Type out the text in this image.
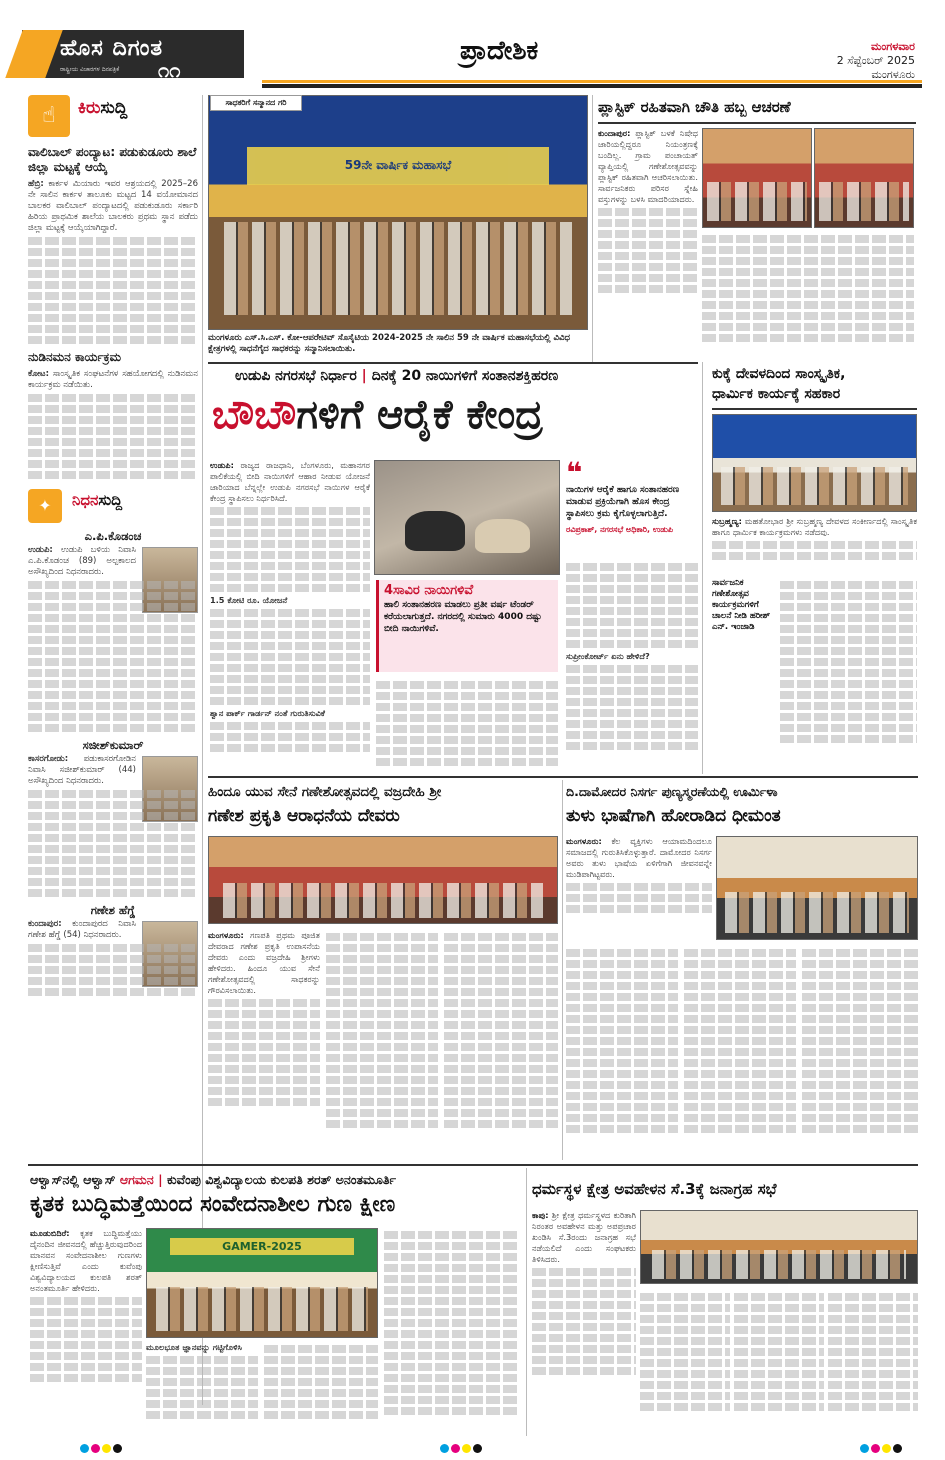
ಹೊಸ ದಿಗಂತ
ರಾಷ್ಟ್ರೀಯ ವಿಚಾರಗಳ ದಿನಪತ್ರಿಕೆ ೧೧
ಪ್ರಾದೇಶಿಕ	ಮಂಗಳವಾರ
2 ಸೆಪ್ಟೆಂಬರ್ 2025
ಮಂಗಳೂರು
☝	ಕಿರುಸುದ್ದಿ
ವಾಲಿಬಾಲ್ ಪಂದ್ಯಾಟ: ಪಡುಕುಡೂರು ಶಾಲೆ ಜಿಲ್ಲಾ ಮಟ್ಟಕ್ಕೆ ಆಯ್ಕೆ
ಹೆಬ್ರಿ: ಕಾರ್ಕಳ ಮಿಯಾರು ಇವರ ಆಶ್ರಯದಲ್ಲಿ 2025–26 ನೇ ಸಾಲಿನ ಕಾರ್ಕಳ ತಾಲೂಕು ಮಟ್ಟದ 14 ವಯೋಮಾನದ ಬಾಲಕರ ವಾಲಿಬಾಲ್ ಪಂದ್ಯಾಟದಲ್ಲಿ ಪಡುಕುಡೂರು ಸರ್ಕಾರಿ ಹಿರಿಯ ಪ್ರಾಥಮಿಕ ಶಾಲೆಯ ಬಾಲಕರು ಪ್ರಥಮ ಸ್ಥಾನ ಪಡೆದು ಜಿಲ್ಲಾ ಮಟ್ಟಕ್ಕೆ ಆಯ್ಕೆಯಾಗಿದ್ದಾರೆ.
ನುಡಿನಮನ ಕಾರ್ಯಕ್ರಮ
ಕೋಟ: ಸಾಂಸ್ಕೃತಿಕ ಸಂಘಟನೆಗಳ ಸಹಯೋಗದಲ್ಲಿ ನುಡಿನಮನ ಕಾರ್ಯಕ್ರಮ ನಡೆಯಿತು.
✦	ನಿಧನಸುದ್ದಿ
ಎ.ಪಿ.ಕೊಡಂಚ
ಉಡುಪಿ: ಉಡುಪಿ ಬಳಿಯ ನಿವಾಸಿ ಎ.ಪಿ.ಕೊಡಂಚ (89) ಅಲ್ಪಕಾಲದ ಅಸೌಖ್ಯದಿಂದ ನಿಧನರಾದರು.
ಸಜೀಶ್‌ಕುಮಾರ್
ಕಾಸರಗೋಡು: ಪಡುಕಾಸರಗೋಡಿನ ನಿವಾಸಿ ಸಜೀಶ್‌ಕುಮಾರ್ (44) ಅಸೌಖ್ಯದಿಂದ ನಿಧನರಾದರು.
ಗಣೇಶ ಹೆಗ್ಡೆ
ಕುಂದಾಪುರ: ಕುಂದಾಪುರದ ನಿವಾಸಿ ಗಣೇಶ ಹೆಗ್ಡೆ (54) ನಿಧನರಾದರು.
59ನೇ ವಾರ್ಷಿಕ ಮಹಾಸಭೆ
ಸಾಧಕರಿಗೆ ಸನ್ಮಾನದ ಗರಿ
ಮಂಗಳೂರು ಎಸ್.ಸಿ.ಎಸ್. ಕೋ-ಆಪರೇಟಿವ್ ಸೊಸೈಟಿಯ 2024-2025 ನೇ ಸಾಲಿನ 59 ನೇ ವಾರ್ಷಿಕ ಮಹಾಸಭೆಯಲ್ಲಿ ವಿವಿಧ ಕ್ಷೇತ್ರಗಳಲ್ಲಿ ಸಾಧನೆಗೈದ ಸಾಧಕರನ್ನು ಸನ್ಮಾನಿಸಲಾಯಿತು.
ಪ್ಲಾಸ್ಟಿಕ್ ರಹಿತವಾಗಿ ಚೌತಿ ಹಬ್ಬ ಆಚರಣೆ
ಕುಂದಾಪುರ: ಪ್ಲಾಸ್ಟಿಕ್ ಬಳಕೆ ನಿಷೇಧ ಜಾರಿಯಲ್ಲಿದ್ದರೂ ನಿಯಂತ್ರಣಕ್ಕೆ ಬಂದಿಲ್ಲ. ಗ್ರಾಮ ಪಂಚಾಯತ್ ವ್ಯಾಪ್ತಿಯಲ್ಲಿ ಗಣೇಶೋತ್ಸವವನ್ನು ಪ್ಲಾಸ್ಟಿಕ್ ರಹಿತವಾಗಿ ಆಚರಿಸಲಾಯಿತು. ಸಾರ್ವಜನಿಕರು ಪರಿಸರ ಸ್ನೇಹಿ ವಸ್ತುಗಳನ್ನು ಬಳಸಿ ಮಾದರಿಯಾದರು.
ಉಡುಪಿ ನಗರಸಭೆ ನಿರ್ಧಾರ | ದಿನಕ್ಕೆ 20 ನಾಯಿಗಳಿಗೆ ಸಂತಾನಶಕ್ತಿಹರಣ
ಬೌಬೌಗಳಿಗೆ ಆರೈಕೆ ಕೇಂದ್ರ
ಉಡುಪಿ: ರಾಜ್ಯದ ರಾಜಧಾನಿ, ಬೆಂಗಳೂರು, ಮಹಾನಗರ ಪಾಲಿಕೆಯಲ್ಲಿ ಬೀದಿ ನಾಯಿಗಳಿಗೆ ಆಹಾರ ನೀಡುವ ಯೋಜನೆ ಜಾರಿಯಾದ ಬೆನ್ನಲ್ಲೇ ಉಡುಪಿ ನಗರಸಭೆ ನಾಯಿಗಳ ಆರೈಕೆ ಕೇಂದ್ರ ಸ್ಥಾಪಿಸಲು ನಿರ್ಧರಿಸಿದೆ.
1.5 ಕೋಟಿ ರೂ. ಯೋಜನೆ
ಶ್ವಾನ ಪಾರ್ಕ್ ಗಾರ್ಡನ್ ನಂತೆ ಗುರುತಿಸುವಿಕೆ
4ಸಾವಿರ ನಾಯಿಗಳಿವೆ
ಹಾಲಿ ಸಂತಾನಹರಣ ಮಾಡಲು ಪ್ರತೀ ವರ್ಷ ಟೆಂಡರ್ ಕರೆಯಲಾಗುತ್ತದೆ. ನಗರದಲ್ಲಿ ಸುಮಾರು 4000 ದಷ್ಟು ಬೀದಿ ನಾಯಿಗಳಿವೆ.
❝
ನಾಯಿಗಳ ಆರೈಕೆ ಹಾಗೂ ಸಂತಾನಹರಣ ಮಾಡುವ ಪ್ರಕ್ರಿಯೆಗಾಗಿ ಹೊಸ ಕೇಂದ್ರ ಸ್ಥಾಪಿಸಲು ಕ್ರಮ ಕೈಗೊಳ್ಳಲಾಗುತ್ತಿದೆ.
ರವಿಪ್ರಕಾಶ್, ನಗರಸಭೆ ಅಧಿಕಾರಿ, ಉಡುಪಿ
ಸುಪ್ರೀಂಕೋರ್ಟ್ ಏನು ಹೇಳಿದೆ?
ಕುಕ್ಕೆ ದೇವಳದಿಂದ ಸಾಂಸ್ಕೃತಿಕ,
ಧಾರ್ಮಿಕ ಕಾರ್ಯಕ್ಕೆ ಸಹಕಾರ
ಸುಬ್ರಹ್ಮಣ್ಯ: ಮಹತೋಭಾರ ಶ್ರೀ ಸುಬ್ರಹ್ಮಣ್ಯ ದೇವಳದ ಸಂಕೀರ್ಣದಲ್ಲಿ ಸಾಂಸ್ಕೃತಿಕ ಹಾಗೂ ಧಾರ್ಮಿಕ ಕಾರ್ಯಕ್ರಮಗಳು ನಡೆದವು.
ಸಾರ್ವಜನಿಕ ಗಣೇಶೋತ್ಸವ ಕಾರ್ಯಕ್ರಮಗಳಿಗೆ ಚಾಲನೆ ನೀಡಿ ಹರೀಶ್ ಎನ್. ಇಂಜಾಡಿ
ಹಿಂದೂ ಯುವ ಸೇನೆ ಗಣೇಶೋತ್ಸವದಲ್ಲಿ ವಜ್ರದೇಹಿ ಶ್ರೀ
ಗಣೇಶ ಪ್ರಕೃತಿ ಆರಾಧನೆಯ ದೇವರು
ಮಂಗಳೂರು: ಗಣಪತಿ ಪ್ರಥಮ ಪೂಜಿತ ದೇವರಾದ ಗಣೇಶ ಪ್ರಕೃತಿ ಉಪಾಸನೆಯ ದೇವರು ಎಂದು ವಜ್ರದೇಹಿ ಶ್ರೀಗಳು ಹೇಳಿದರು. ಹಿಂದೂ ಯುವ ಸೇನೆ ಗಣೇಶೋತ್ಸವದಲ್ಲಿ ಸಾಧಕರನ್ನು ಗೌರವಿಸಲಾಯಿತು.
ದಿ.ದಾಮೋದರ ನಿಸರ್ಗ ಪುಣ್ಯಸ್ಮರಣೆಯಲ್ಲಿ ಊರ್ಮಿಳಾ
ತುಳು ಭಾಷೆಗಾಗಿ ಹೋರಾಡಿದ ಧೀಮಂತ
ಮಂಗಳೂರು: ಕೆಲ ವ್ಯಕ್ತಿಗಳು ಆಯಾಮದಿಂದಲೂ ಸಮಾಜದಲ್ಲಿ ಗುರುತಿಸಿಕೊಳ್ಳುತ್ತಾರೆ. ದಾಮೋದರ ನಿಸರ್ಗ ಅವರು ತುಳು ಭಾಷೆಯ ಏಳಿಗೆಗಾಗಿ ಜೀವನವನ್ನೇ ಮುಡಿಪಾಗಿಟ್ಟವರು.
ಆಳ್ವಾಸ್‌ನಲ್ಲಿ ಆಳ್ವಾಸ್ ಆಗಮನ | ಕುವೆಂಪು ವಿಶ್ವವಿದ್ಯಾಲಯ ಕುಲಪತಿ ಶರತ್ ಅನಂತಮೂರ್ತಿ
ಕೃತಕ ಬುದ್ಧಿಮತ್ತೆಯಿಂದ ಸಂವೇದನಾಶೀಲ ಗುಣ ಕ್ಷೀಣ
ಮೂಡುಬಿದಿರೆ: ಕೃತಕ ಬುದ್ಧಿಮತ್ತೆಯು ದೈನಂದಿನ ಜೀವನದಲ್ಲಿ ಹೆಚ್ಚುತ್ತಿರುವುದರಿಂದ ಮಾನವನ ಸಂವೇದನಾಶೀಲ ಗುಣಗಳು ಕ್ಷೀಣಿಸುತ್ತಿವೆ ಎಂದು ಕುವೆಂಪು ವಿಶ್ವವಿದ್ಯಾಲಯದ ಕುಲಪತಿ ಶರತ್ ಅನಂತಮೂರ್ತಿ ಹೇಳಿದರು.
GAMER-2025
ಮೂಲಭೂತ ಜ್ಞಾನವನ್ನು ಗಟ್ಟಿಗೊಳಿಸಿ
ಧರ್ಮಸ್ಥಳ ಕ್ಷೇತ್ರ ಅವಹೇಳನ ಸೆ.3ಕ್ಕೆ ಜನಾಗ್ರಹ ಸಭೆ
ಕಾಪು: ಶ್ರೀ ಕ್ಷೇತ್ರ ಧರ್ಮಸ್ಥಳದ ಕುರಿತಾಗಿ ನಿರಂತರ ಅವಹೇಳನ ಮತ್ತು ಅಪಪ್ರಚಾರ ಖಂಡಿಸಿ ಸೆ.3ರಂದು ಜನಾಗ್ರಹ ಸಭೆ ನಡೆಯಲಿದೆ ಎಂದು ಸಂಘಟಕರು ತಿಳಿಸಿದರು.
